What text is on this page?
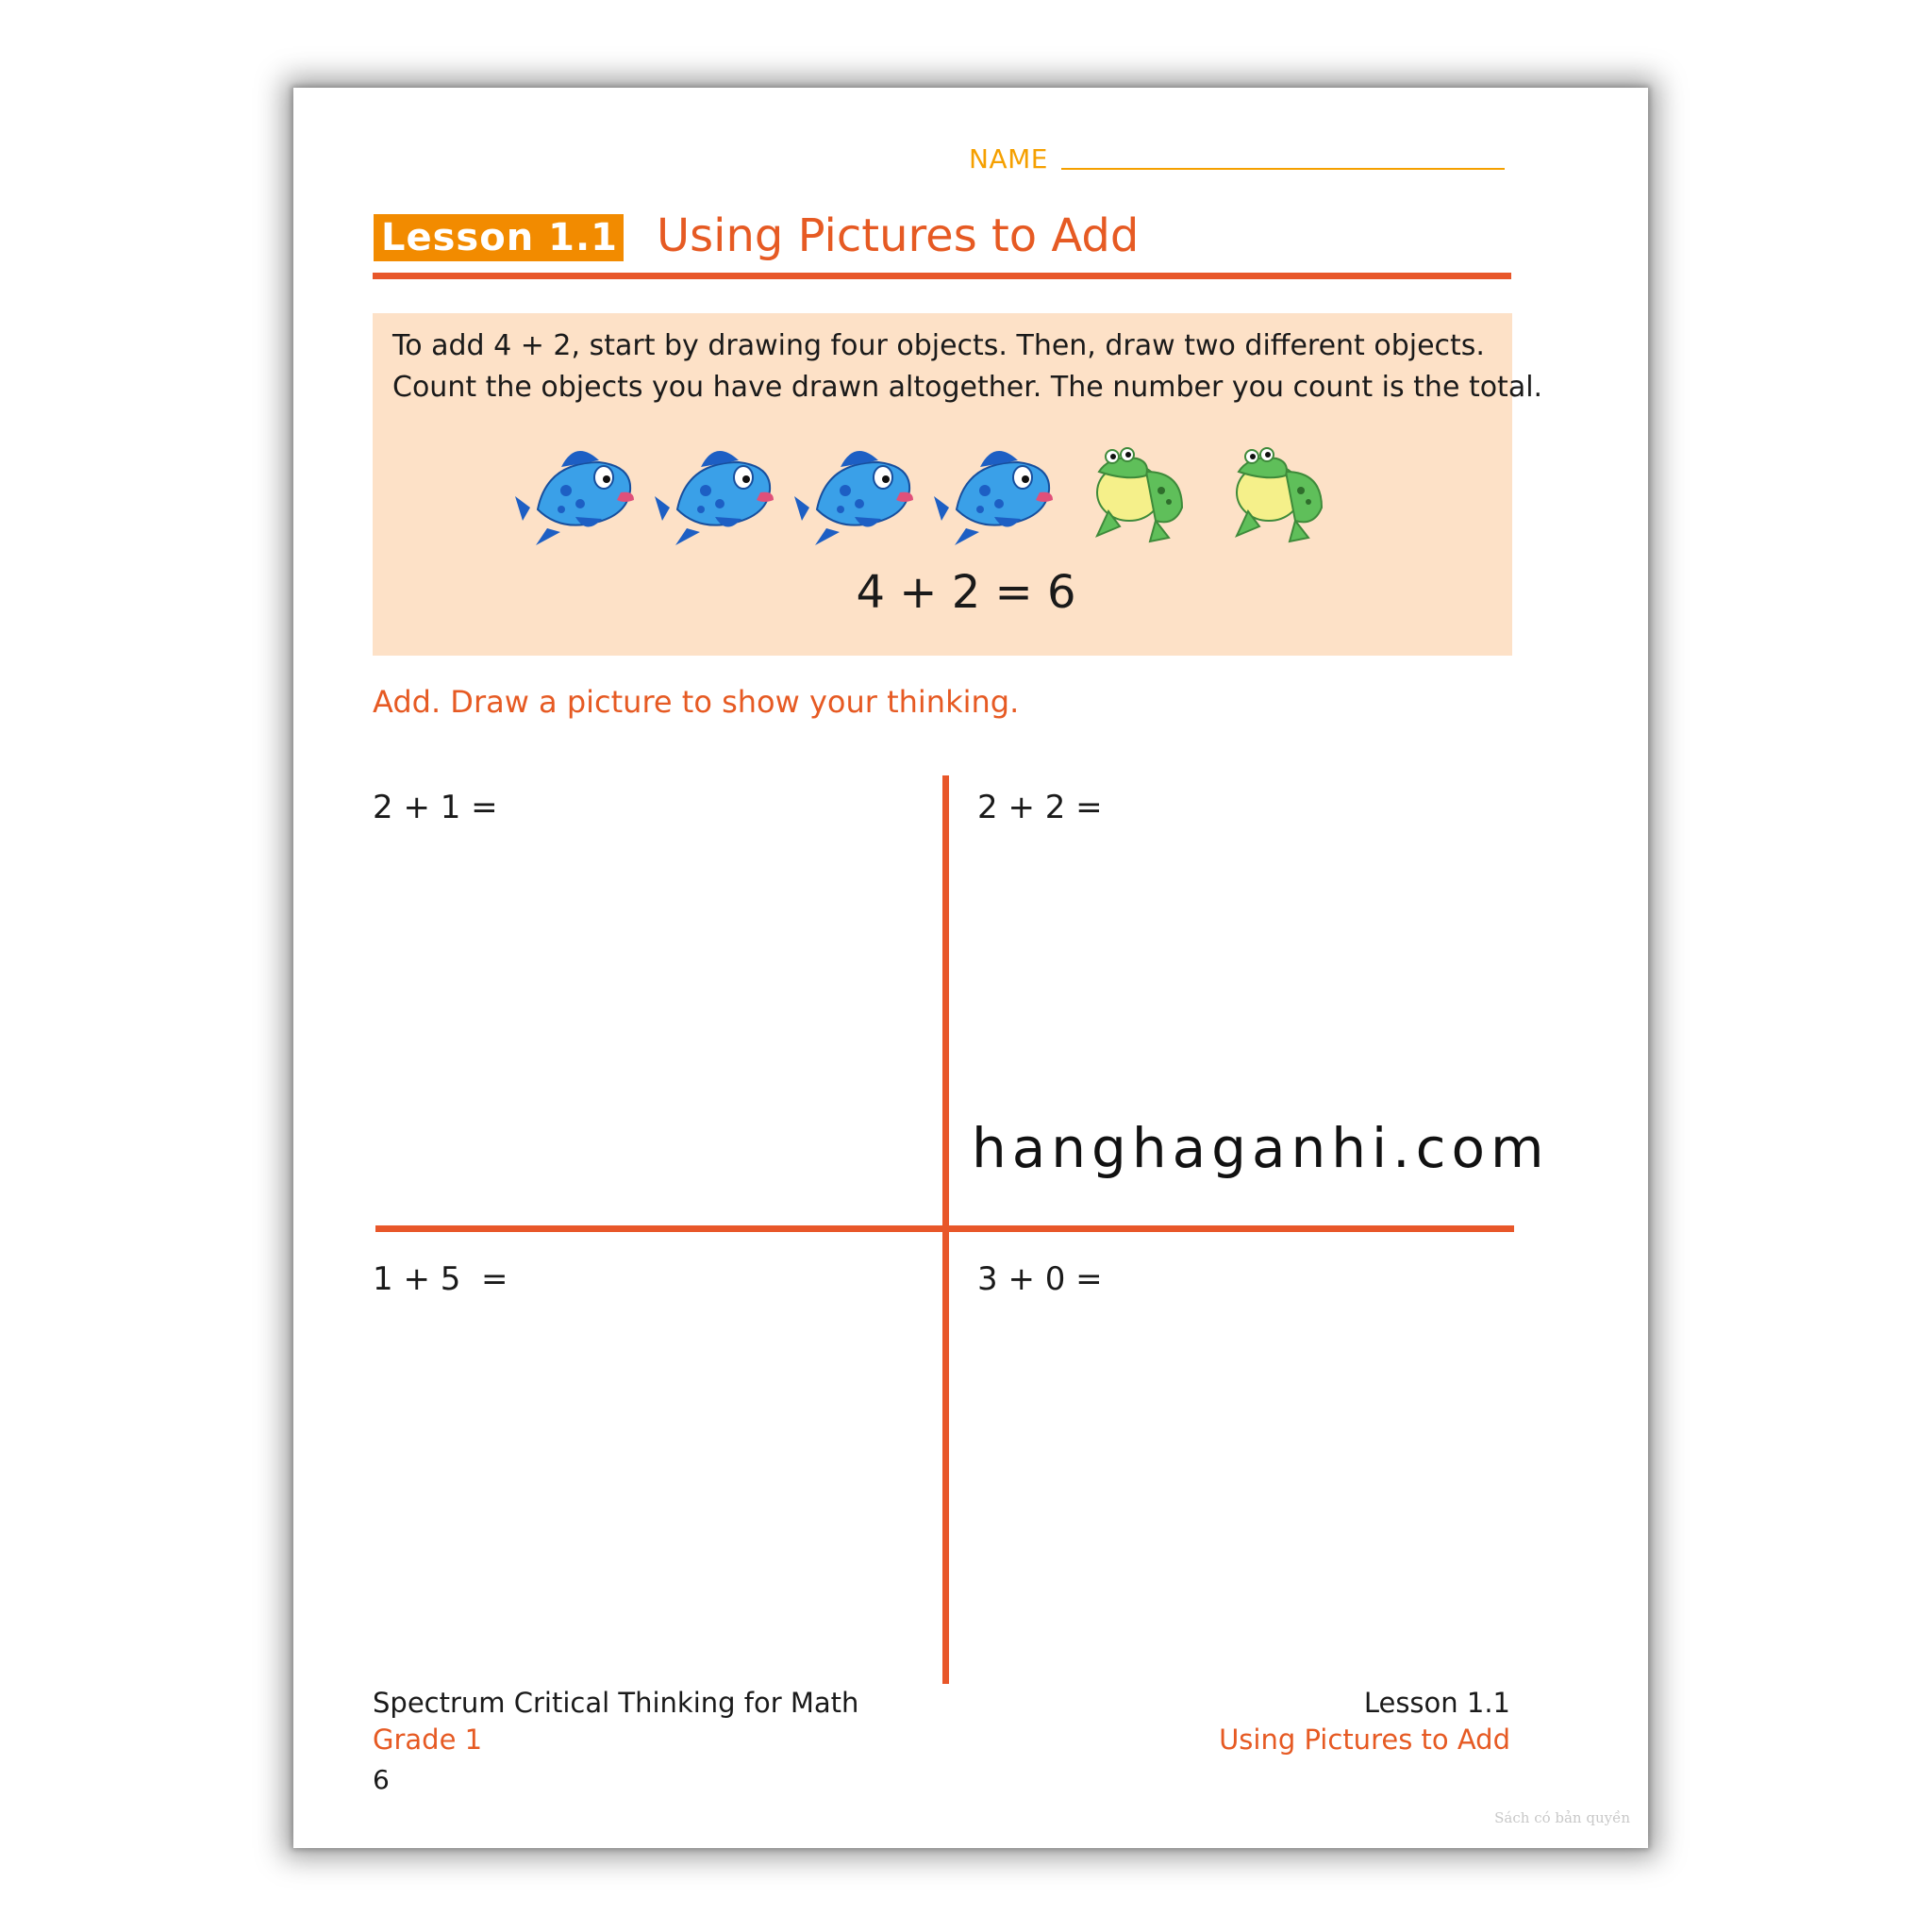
NAME
Lesson 1.1 Using Pictures to Add
To add 4 + 2, start by drawing four objects. Then, draw two different objects.
Count the objects you have drawn altogether. The number you count is the total.
4 + 2 = 6
Add. Draw a picture to show your thinking.
2 + 1 =	2 + 2 =
1 + 5  =	3 + 0 =
hanghaganhi.com
Spectrum Critical Thinking for Math
Grade 1
6
Lesson 1.1
Using Pictures to Add
Sách có bản quyền
